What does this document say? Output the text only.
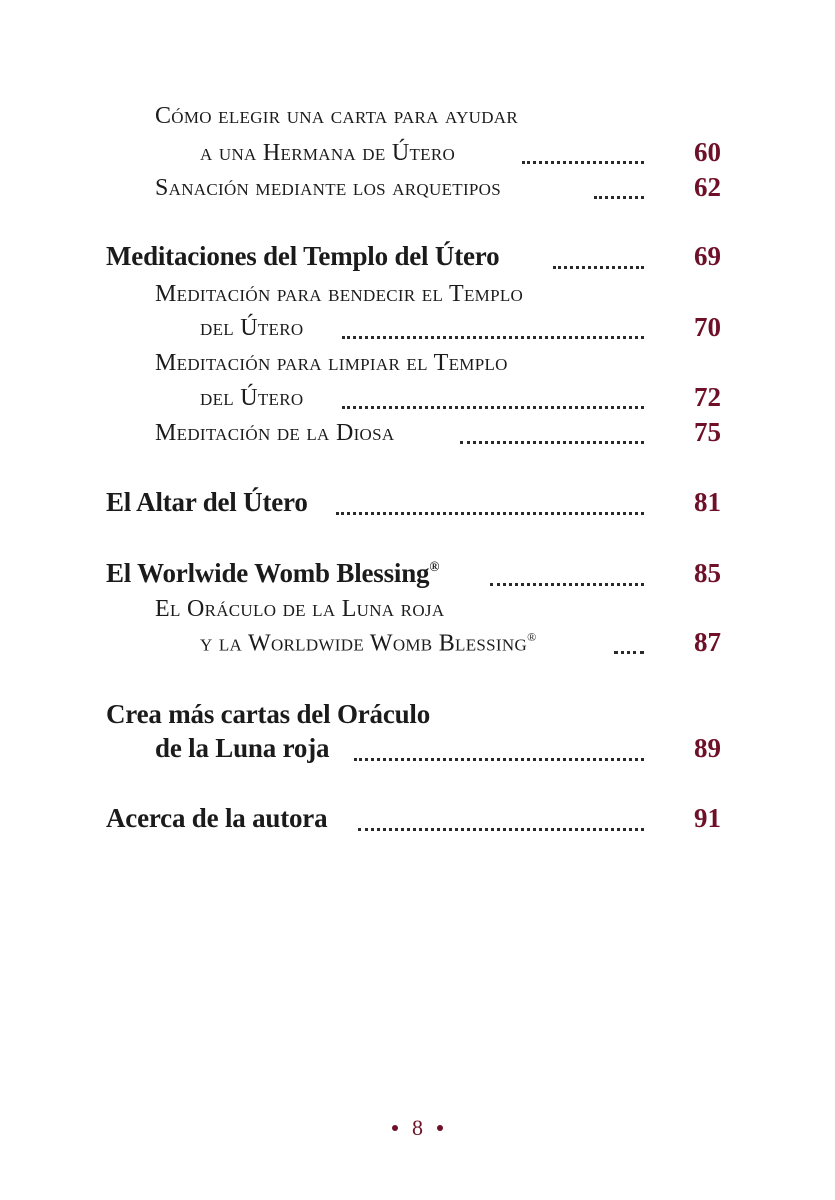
Cómo elegir una carta para ayudar
a una Hermana de Útero	60
Sanación mediante los arquetipos	62
Meditaciones del Templo del Útero	69
Meditación para bendecir el Templo
del Útero	70
Meditación para limpiar el Templo
del Útero	72
Meditación de la Diosa	75
El Altar del Útero	81
El Worlwide Womb Blessing®	85
El Oráculo de la Luna roja
y la Worldwide Womb Blessing®	87
Crea más cartas del Oráculo
de la Luna roja	89
Acerca de la autora	91
8
